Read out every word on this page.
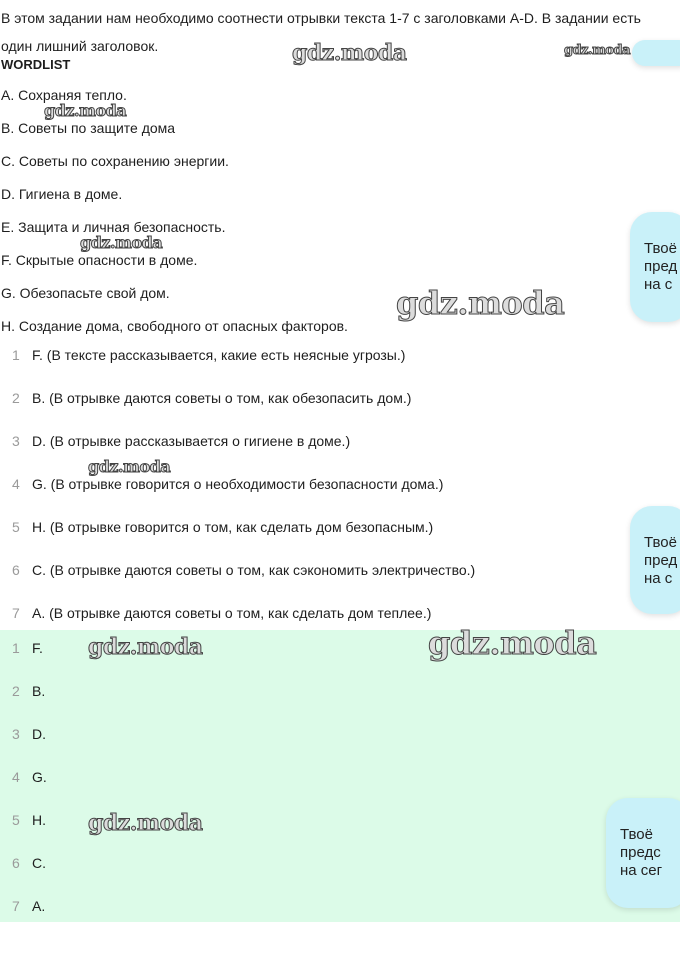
В этом задании нам необходимо соотнести отрывки текста 1-7 с заголовками A-D. В задании есть один лишний заголовок.
WORDLIST
A. Сохраняя тепло.
B. Советы по защите дома
C. Советы по сохранению энергии.
D. Гигиена в доме.
E. Защита и личная безопасность.
F. Скрытые опасности в доме.
G. Обезопасьте свой дом.
H. Создание дома, свободного от опасных факторов.
1 F. (В тексте рассказывается, какие есть неясные угрозы.)
2 B. (В отрывке даются советы о том, как обезопасить дом.)
3 D. (В отрывке рассказывается о гигиене в доме.)
4 G. (В отрывке говорится о необходимости безопасности дома.)
5 H. (В отрывке говорится о том, как сделать дом безопасным.)
6 C. (В отрывке даются советы о том, как сэкономить электричество.)
7 A. (В отрывке даются советы о том, как сделать дом теплее.)
1 F.
2 B.
3 D.
4 G.
5 H.
6 C.
7 A.
gdz.moda	gdz.moda
gdz.moda
gdz.moda
gdz.moda
gdz.moda
gdz.moda	gdz.moda
gdz.moda
Твоё
пред
на с
Твоё
пред
на с
Твоё
предс
на сег
